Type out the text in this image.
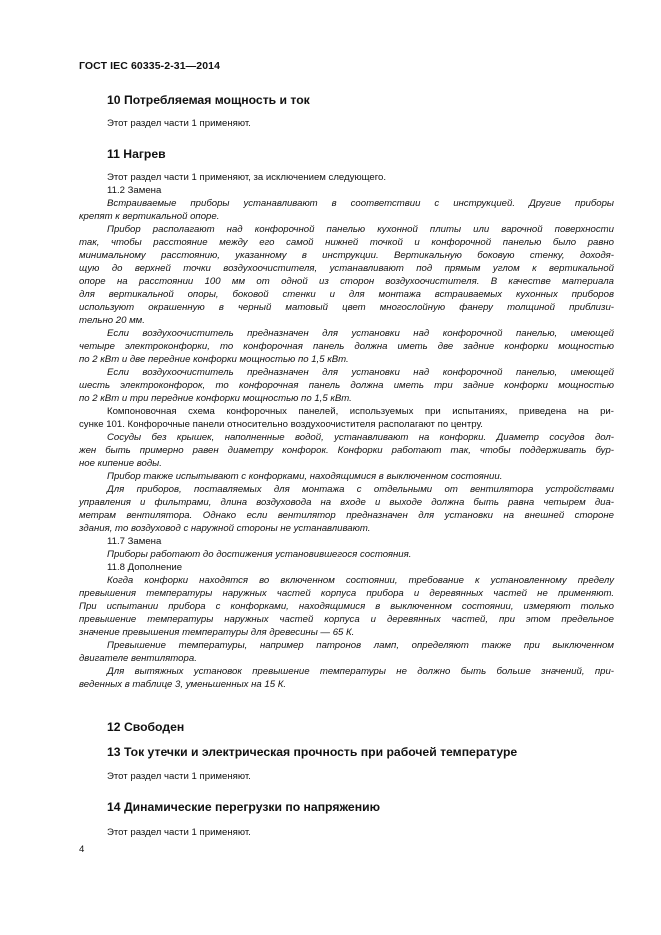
ГОСТ IEC 60335-2-31—2014
10 Потребляемая мощность и ток
Этот раздел части 1 применяют.
11 Нагрев
Этот раздел части 1 применяют, за исключением следующего.
11.2 Замена
Встраиваемые приборы устанавливают в соответствии с инструкцией. Другие приборы
крепят к вертикальной опоре.
Прибор располагают над конфорочной панелью кухонной плиты или варочной поверхности
так, чтобы расстояние между его самой нижней точкой и конфорочной панелью было равно
минимальному расстоянию, указанному в инструкции. Вертикальную боковую стенку, доходя-
щую до верхней точки воздухоочистителя, устанавливают под прямым углом к вертикальной
опоре на расстоянии 100 мм от одной из сторон воздухоочистителя. В качестве материала
для вертикальной опоры, боковой стенки и для монтажа встраиваемых кухонных приборов
используют окрашенную в черный матовый цвет многослойную фанеру толщиной приблизи-
тельно 20 мм.
Если воздухоочиститель предназначен для установки над конфорочной панелью, имеющей
четыре электроконфорки, то конфорочная панель должна иметь две задние конфорки мощностью
по 2 кВт и две передние конфорки мощностью по 1,5 кВт.
Если воздухоочиститель предназначен для установки над конфорочной панелью, имеющей
шесть электроконфорок, то конфорочная панель должна иметь три задние конфорки мощностью
по 2 кВт и три передние конфорки мощностью по 1,5 кВт.
Компоновочная схема конфорочных панелей, используемых при испытаниях, приведена на ри-
сунке 101. Конфорочные панели относительно воздухоочистителя располагают по центру.
Сосуды без крышек, наполненные водой, устанавливают на конфорки. Диаметр сосудов дол-
жен быть примерно равен диаметру конфорок. Конфорки работают так, чтобы поддерживать бур-
ное кипение воды.
Прибор также испытывают с конфорками, находящимися в выключенном состоянии.
Для приборов, поставляемых для монтажа с отдельными от вентилятора устройствами
управления и фильтрами, длина воздуховода на входе и выходе должна быть равна четырем диа-
метрам вентилятора. Однако если вентилятор предназначен для установки на внешней стороне
здания, то воздуховод с наружной стороны не устанавливают.
11.7 Замена
Приборы работают до достижения установившегося состояния.
11.8 Дополнение
Когда конфорки находятся во включенном состоянии, требование к установленному пределу
превышения температуры наружных частей корпуса прибора и деревянных частей не применяют.
При испытании прибора с конфорками, находящимися в выключенном состоянии, измеряют только
превышение температуры наружных частей корпуса и деревянных частей, при этом предельное
значение превышения температуры для древесины — 65 К.
Превышение температуры, например патронов ламп, определяют также при выключенном
двигателе вентилятора.
Для вытяжных установок превышение температуры не должно быть больше значений, при-
веденных в таблице 3, уменьшенных на 15 К.
12 Свободен
13 Ток утечки и электрическая прочность при рабочей температуре
Этот раздел части 1 применяют.
14 Динамические перегрузки по напряжению
Этот раздел части 1 применяют.
4
